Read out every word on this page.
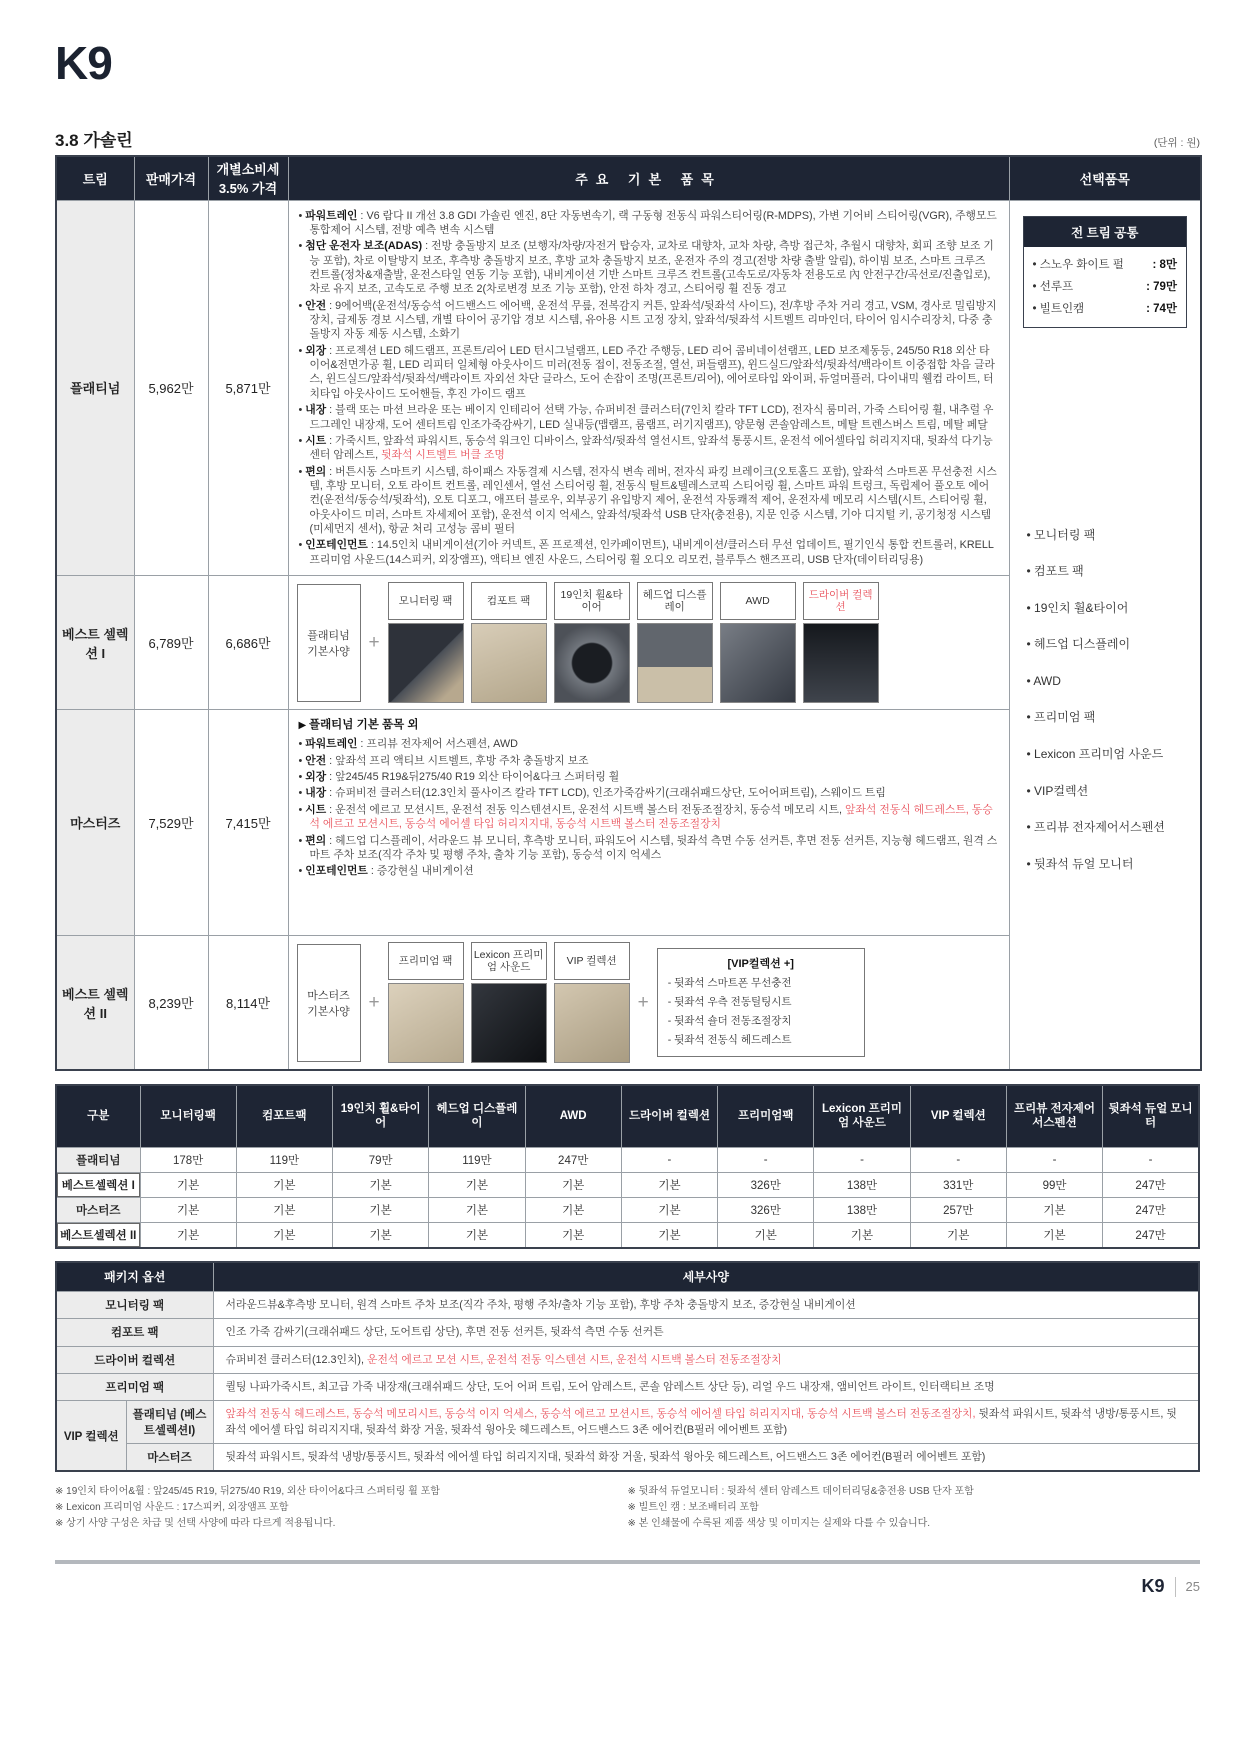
K9
3.8 가솔린	(단위 : 원)
트림	판매가격	개별소비세 3.5% 가격	주요 기본 품목	선택품목
플래티넘	5,962만	5,871만	
• 파워트레인 : V6 람다 II 개선 3.8 GDI 가솔린 엔진, 8단 자동변속기, 랙 구동형 전동식 파워스티어링(R-MDPS), 가변 기어비 스티어링(VGR), 주행모드 통합제어 시스템, 전방 예측 변속 시스템
• 첨단 운전자 보조(ADAS) : 전방 충돌방지 보조 (보행자/차량/자전거 탑승자, 교차로 대향차, 교차 차량, 측방 접근차, 추월시 대향차, 회피 조향 보조 기능 포함), 차로 이탈방지 보조, 후측방 충돌방지 보조, 후방 교차 충돌방지 보조, 운전자 주의 경고(전방 차량 출발 알림), 하이빔 보조, 스마트 크루즈 컨트롤(정차&재출발, 운전스타일 연동 기능 포함), 내비게이션 기반 스마트 크루즈 컨트롤(고속도로/자동차 전용도로 內 안전구간/곡선로/진출입로), 차로 유지 보조, 고속도로 주행 보조 2(차로변경 보조 기능 포함), 안전 하차 경고, 스티어링 휠 진동 경고
• 안전 : 9에어백(운전석/동승석 어드밴스드 에어백, 운전석 무릎, 전복감지 커튼, 앞좌석/뒷좌석 사이드), 전/후방 주차 거리 경고, VSM, 경사로 밀림방지장치, 급제동 경보 시스템, 개별 타이어 공기압 경보 시스템, 유아용 시트 고정 장치, 앞좌석/뒷좌석 시트벨트 리마인더, 타이어 임시수리장치, 다중 충돌방지 자동 제동 시스템, 소화기
• 외장 : 프로젝션 LED 헤드램프, 프론트/리어 LED 턴시그널램프, LED 주간 주행등, LED 리어 콤비네이션램프, LED 보조제동등, 245/50 R18 외산 타이어&전면가공 휠, LED 리피터 일체형 아웃사이드 미러(전동 접이, 전동조절, 열선, 퍼들램프), 윈드실드/앞좌석/뒷좌석/백라이트 이중접합 차음 글라스, 윈드실드/앞좌석/뒷좌석/백라이트 자외선 차단 글라스, 도어 손잡이 조명(프론트/리어), 에어로타입 와이퍼, 듀얼머플러, 다이내믹 웰컴 라이트, 터치타입 아웃사이드 도어핸들, 후진 가이드 램프
• 내장 : 블랙 또는 마션 브라운 또는 베이지 인테리어 선택 가능, 슈퍼비전 클러스터(7인치 칼라 TFT LCD), 전자식 룸미러, 가죽 스티어링 휠, 내추럴 우드그레인 내장재, 도어 센터트림 인조가죽감싸기, LED 실내등(맵램프, 룸램프, 러기지램프), 양문형 콘솔암레스트, 메탈 트렌스버스 트림, 메탈 페달
• 시트 : 가죽시트, 앞좌석 파워시트, 동승석 워크인 디바이스, 앞좌석/뒷좌석 열선시트, 앞좌석 통풍시트, 운전석 에어셀타입 허리지지대, 뒷좌석 다기능 센터 암레스트, 뒷좌석 시트벨트 버클 조명
• 편의 : 버튼시동 스마트키 시스템, 하이패스 자동결제 시스템, 전자식 변속 레버, 전자식 파킹 브레이크(오토홀드 포함), 앞좌석 스마트폰 무선충전 시스템, 후방 모니터, 오토 라이트 컨트롤, 레인센서, 열선 스티어링 휠, 전동식 틸트&텔레스코픽 스티어링 휠, 스마트 파워 트렁크, 독립제어 풀오토 에어컨(운전석/동승석/뒷좌석), 오토 디포그, 애프터 블로우, 외부공기 유입방지 제어, 운전석 자동쾌적 제어, 운전자세 메모리 시스템(시트, 스티어링 휠, 아웃사이드 미러, 스마트 자세제어 포함), 운전석 이지 억세스, 앞좌석/뒷좌석 USB 단자(충전용), 지문 인증 시스템, 기아 디지털 키, 공기청정 시스템(미세먼지 센서), 항균 처리 고성능 콤비 필터
• 인포테인먼트 : 14.5인치 내비게이션(기아 커넥트, 폰 프로젝션, 인카페이먼트), 내비게이션/클러스터 무선 업데이트, 필기인식 통합 컨트롤러, KRELL 프리미엄 사운드(14스피커, 외장앰프), 액티브 엔진 사운드, 스티어링 휠 오디오 리모컨, 블루투스 핸즈프리, USB 단자(데이터리딩용)

전 트림 공통
• 스노우 화이트 펄 : 8만
• 선루프	: 79만
• 빌트인캠	: 74만
• 모니터링 팩
• 컴포트 팩
• 19인치 휠&타이어
• 헤드업 디스플레이
• AWD
• 프리미엄 팩
• Lexicon 프리미엄 사운드
• VIP컬렉션
• 프리뷰 전자제어서스펜션
• 뒷좌석 듀얼 모니터

베스트 셀렉션 I	6,789만	6,686만	
플래티넘 기본사양 +
모니터링 팩	컴포트 팩
19인치 휠&타이어
헤드업 디스플레이
AWD
드라이버 컬렉션

마스터즈	7,529만	7,415만	
▶ 플래티넘 기본 품목 외
• 파워트레인 : 프리뷰 전자제어 서스펜션, AWD
• 안전 : 앞좌석 프리 액티브 시트벨트, 후방 주차 충돌방지 보조
• 외장 : 앞245/45 R19&뒤275/40 R19 외산 타이어&다크 스퍼터링 휠
• 내장 : 슈퍼비전 클러스터(12.3인치 풀사이즈 칼라 TFT LCD), 인조가죽감싸기(크래쉬패드상단, 도어어퍼트림), 스웨이드 트림
• 시트 : 운전석 에르고 모션시트, 운전석 전동 익스텐션시트, 운전석 시트백 볼스터 전동조절장치, 동승석 메모리 시트, 앞좌석 전동식 헤드레스트, 동승석 에르고 모션시트, 동승석 에어셀 타입 허리지지대, 동승석 시트백 볼스터 전동조절장치
• 편의 : 헤드업 디스플레이, 서라운드 뷰 모니터, 후측방 모니터, 파워도어 시스템, 뒷좌석 측면 수동 선커튼, 후면 전동 선커튼, 지능형 헤드램프, 원격 스마트 주차 보조(직각 주차 및 평행 주차, 출차 기능 포함), 동승석 이지 억세스
• 인포테인먼트 : 증강현실 내비게이션

베스트 셀렉션 II	8,239만	8,114만	
마스터즈 기본사양 +
프리미엄 팩
Lexicon 프리미엄 사운드
VIP 컬렉션
+
[VIP컬렉션 +]
- 뒷좌석 스마트폰 무선충전
- 뒷좌석 우측 전동틸팅시트
- 뒷좌석 숄더 전동조절장치
- 뒷좌석 전동식 헤드레스트
구분	모니터링팩	컴포트팩	19인치 휠&타이어	헤드업 디스플레이	AWD	드라이버 컬렉션	프리미엄팩	Lexicon 프리미엄 사운드	VIP 컬렉션	프리뷰 전자제어 서스펜션	뒷좌석 듀얼 모니터
플래티넘	178만	119만	79만	119만	247만	-	-	-	-	-	-
베스트셀렉션 I	기본	기본	기본	기본	기본	기본	326만	138만	331만	99만	247만
마스터즈	기본	기본	기본	기본	기본	기본	326만	138만	257만	기본	247만
베스트셀렉션 II	기본	기본	기본	기본	기본	기본	기본	기본	기본	기본	247만
패키지 옵션		세부사양
모니터링 팩		서라운드뷰&후측방 모니터, 원격 스마트 주차 보조(직각 주차, 평행 주차/출차 기능 포함), 후방 주차 충돌방지 보조, 증강현실 내비게이션
컴포트 팩		인조 가죽 감싸기(크래쉬패드 상단, 도어트림 상단), 후면 전동 선커튼, 뒷좌석 측면 수동 선커튼
드라이버 컬렉션		슈퍼비전 클러스터(12.3인치), 운전석 에르고 모션 시트, 운전석 전동 익스텐션 시트, 운전석 시트백 볼스터 전동조절장치
프리미엄 팩		퀼팅 나파가죽시트, 최고급 가죽 내장재(크래쉬패드 상단, 도어 어퍼 트림, 도어 암레스트, 콘솔 암레스트 상단 등), 리얼 우드 내장재, 앰비언트 라이트, 인터랙티브 조명
VIP 컬렉션	플래티넘 (베스트셀렉션I)	앞좌석 전동식 헤드레스트, 동승석 메모리시트, 동승석 이지 억세스, 동승석 에르고 모션시트, 동승석 에어셀 타입 허리지지대, 동승석 시트백 볼스터 전동조절장치, 뒷좌석 파워시트, 뒷좌석 냉방/통풍시트, 뒷좌석 에어셀 타입 허리지지대, 뒷좌석 화장 거울, 뒷좌석 윙아웃 헤드레스트, 어드밴스드 3존 에어컨(B필러 에어벤트 포함)
	마스터즈	뒷좌석 파워시트, 뒷좌석 냉방/통풍시트, 뒷좌석 에어셀 타입 허리지지대, 뒷좌석 화장 거울, 뒷좌석 윙아웃 헤드레스트, 어드밴스드 3존 에어컨(B필러 에어벤트 포함)
※ 19인치 타이어&휠 : 앞245/45 R19, 뒤275/40 R19, 외산 타이어&다크 스퍼터링 휠 포함
※ Lexicon 프리미엄 사운드 : 17스피커, 외장앰프 포함
※ 상기 사양 구성은 차급 및 선택 사양에 따라 다르게 적용됩니다.
※ 뒷좌석 듀얼모니터 : 뒷좌석 센터 암레스트 데이터리딩&충전용 USB 단자 포함
※ 빌트인 캠 : 보조배터리 포함
※ 본 인쇄물에 수록된 제품 색상 및 이미지는 실제와 다를 수 있습니다.
K9 25
